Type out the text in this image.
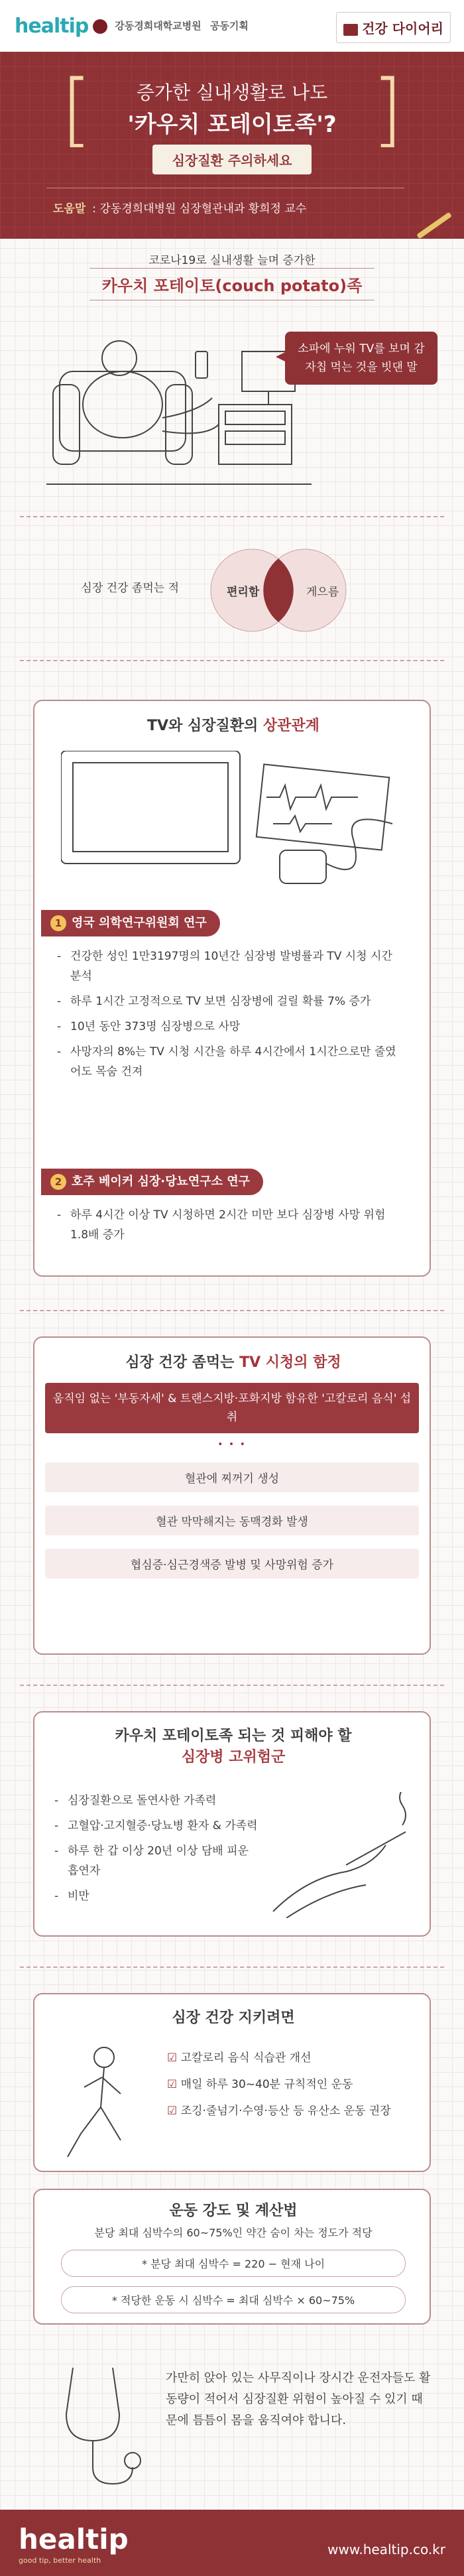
healtip	강동경희대학교병원 공동기획	건강 다이어리
[	]
증가한 실내생활로 나도
'카우치 포테이토족'?
심장질환 주의하세요
도움말 : 강동경희대병원 심장혈관내과 황희정 교수
코로나19로 실내생활 늘며 증가한
카우치 포테이토(couch potato)족
소파에 누워 TV를 보며 감자칩 먹는 것을 빗댄 말
심장 건강 좀먹는 적	편리함	게으름
TV와 심장질환의 상관관계
1 영국 의학연구위원회 연구
- 건강한 성인 1만3197명의 10년간 심장병 발병률과 TV 시청 시간 분석
- 하루 1시간 고정적으로 TV 보면 심장병에 걸릴 확률 7% 증가
- 10년 동안 373명 심장병으로 사망
- 사망자의 8%는 TV 시청 시간을 하루 4시간에서 1시간으로만 줄였어도 목숨 건져
2 호주 베이커 심장·당뇨연구소 연구
- 하루 4시간 이상 TV 시청하면 2시간 미만 보다 심장병 사망 위험 1.8배 증가
심장 건강 좀먹는 TV 시청의 함정
움직임 없는 '부동자세' & 트랜스지방·포화지방 함유한 '고칼로리 음식' 섭취
• • •
혈관에 찌꺼기 생성
혈관 막막해지는 동맥경화 발생
협심증·심근경색증 발병 및 사망위험 증가
카우치 포테이토족 되는 것 피해야 할
심장병 고위험군
- 심장질환으로 돌연사한 가족력
- 고혈압·고지혈증·당뇨병 환자 & 가족력
- 하루 한 갑 이상 20년 이상 담배 피운 흡연자
- 비만
심장 건강 지키려면
☑ 고칼로리 음식 식습관 개선
☑ 매일 하루 30~40분 규칙적인 운동
☑ 조깅·줄넘기·수영·등산 등 유산소 운동 권장
운동 강도 및 계산법
분당 최대 심박수의 60~75%인 약간 숨이 차는 정도가 적당
* 분당 최대 심박수 = 220 − 현재 나이
* 적당한 운동 시 심박수 = 최대 심박수 × 60~75%
가만히 앉아 있는 사무직이나 장시간 운전자들도 활동량이 적어서 심장질환 위험이 높아질 수 있기 때문에 틈틈이 몸을 움직여야 합니다.
healtip
good tip, better health
www.healtip.co.kr
